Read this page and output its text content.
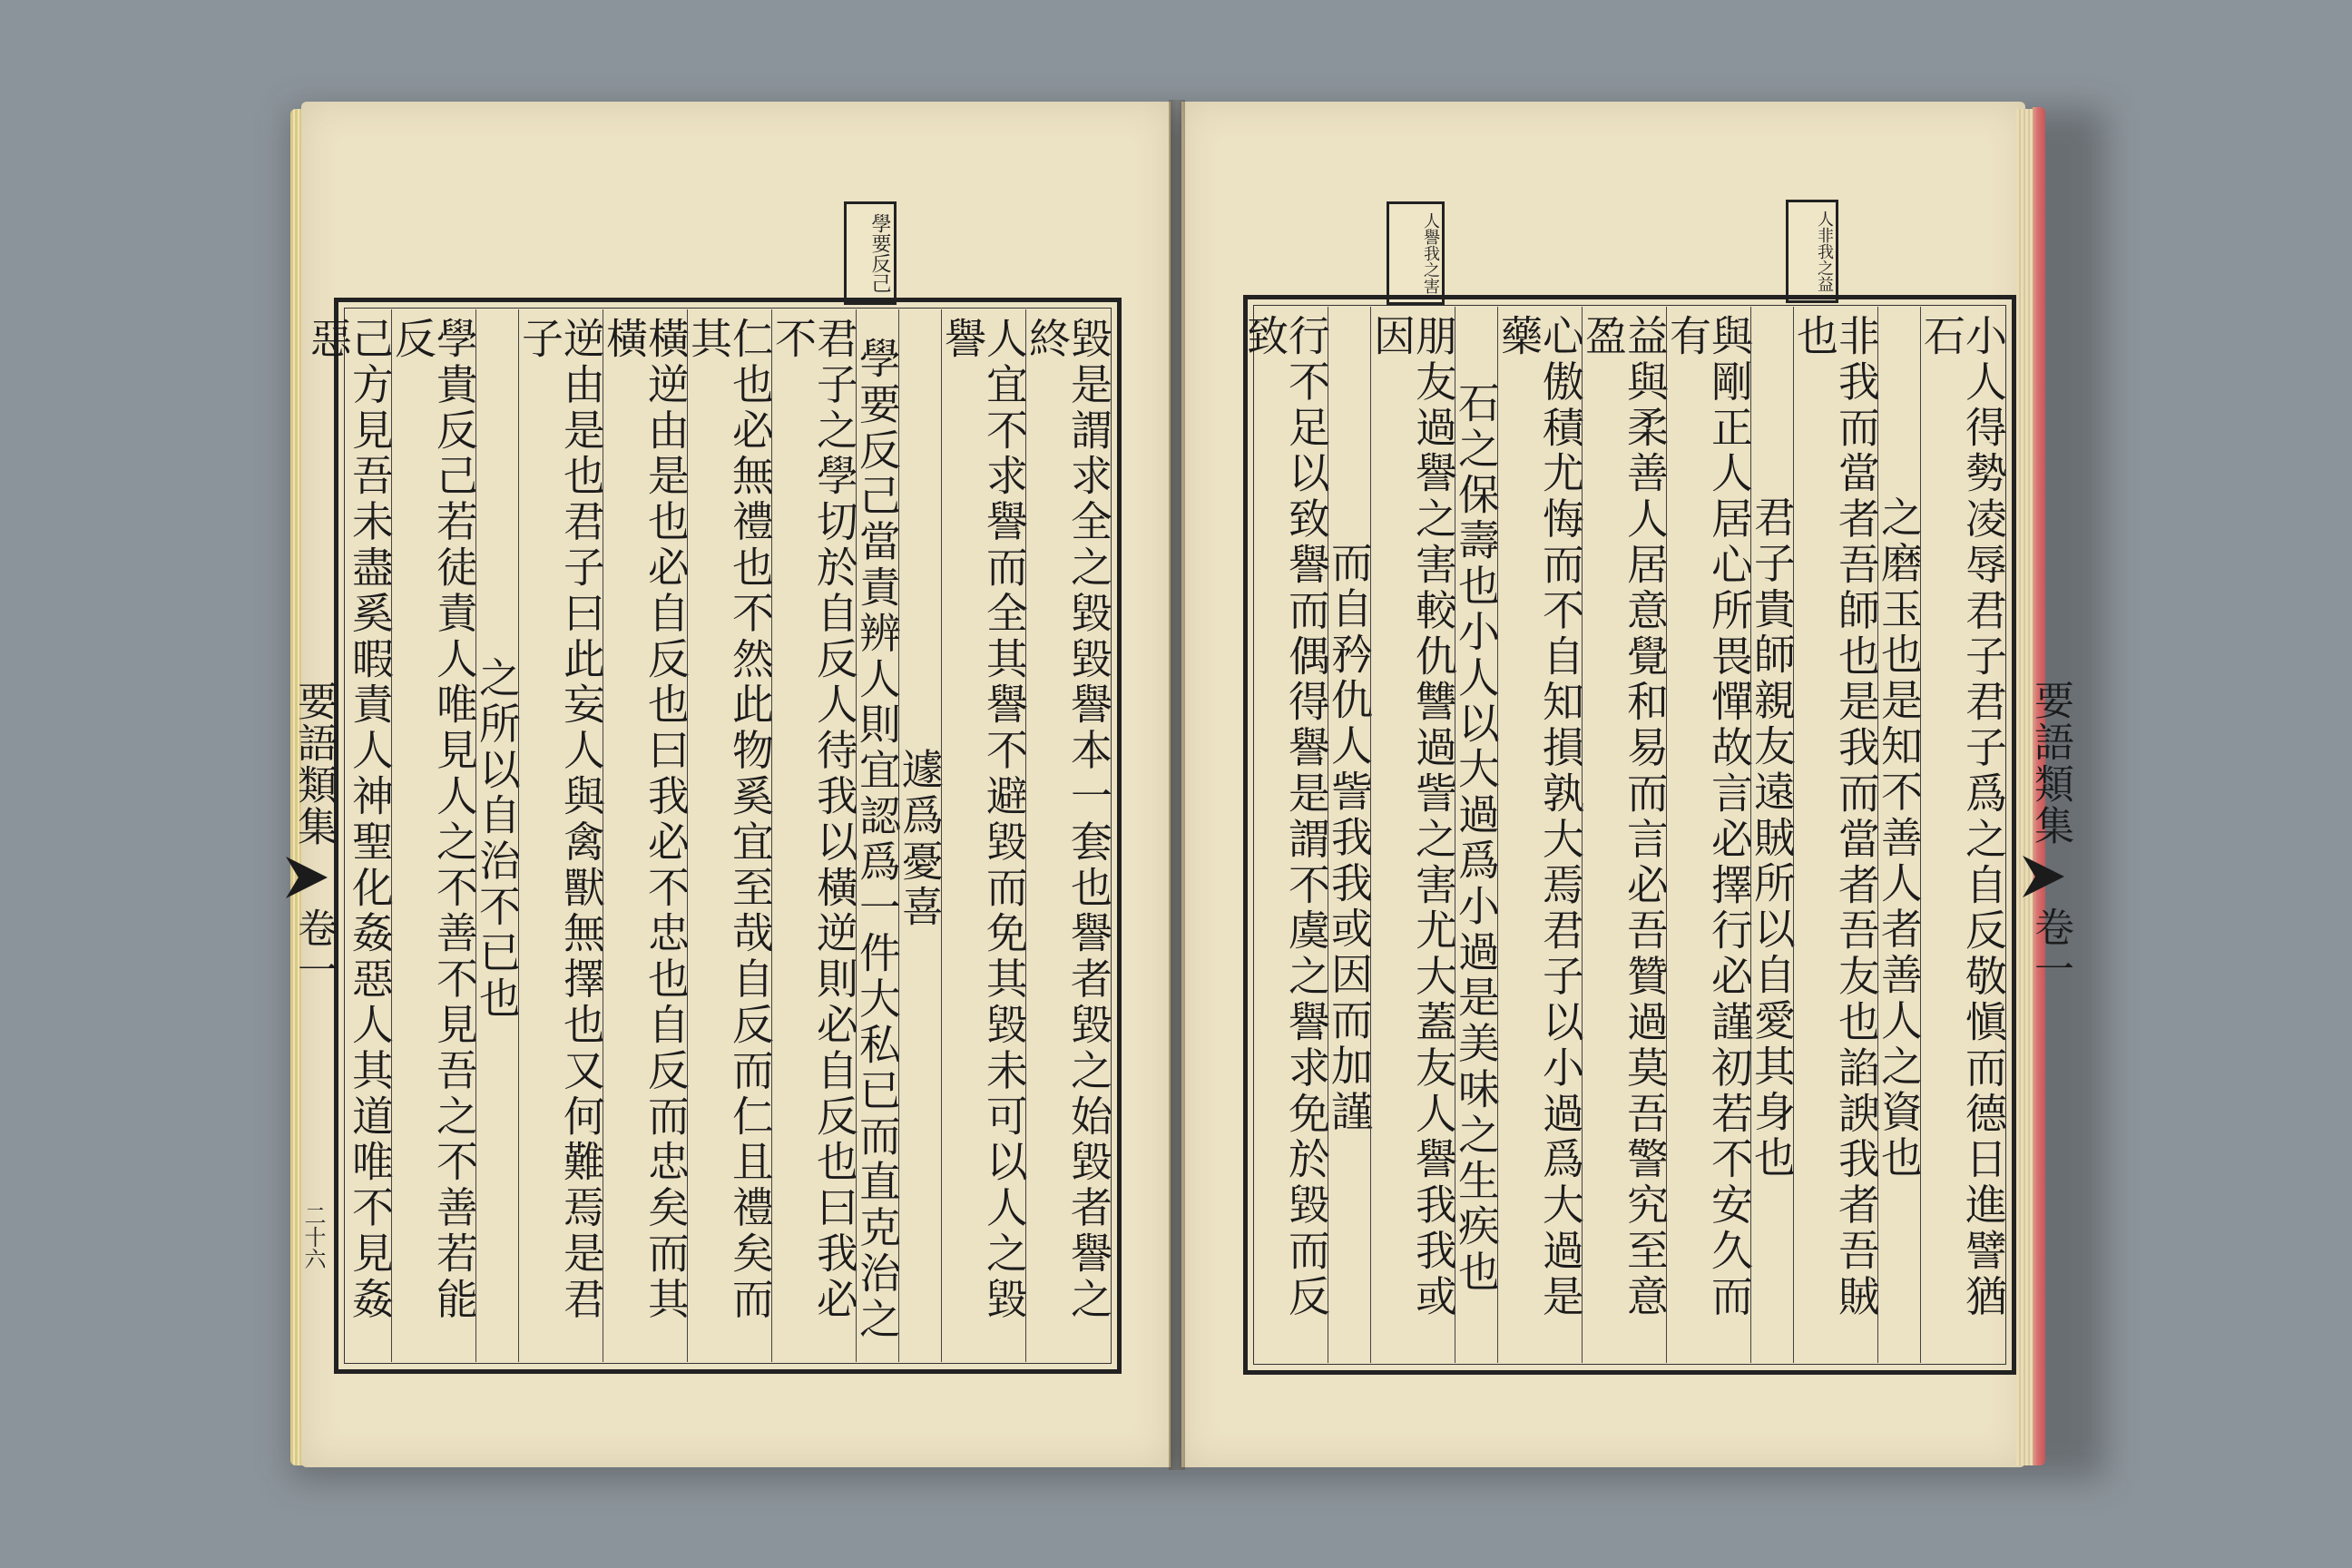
學要反己	人譽我之害	人非我之益
要語類集
卷一
二十六	毀是謂求全之毀毀譽本一套也譽者毀之始毀者譽之終
人宜不求譽而全其譽不避毀而免其毀未可以人之毀譽
遽爲憂喜
學要反己當責辨人則宜認爲一件大私已而直克治之
君子之學切於自反人待我以橫逆則必自反也曰我必不
仁也必無禮也不然此物奚宜至哉自反而仁且禮矣而其
橫逆由是也必自反也曰我必不忠也自反而忠矣而其橫
逆由是也君子曰此妄人與禽獸無擇也又何難焉是君子
之所以自治不已也
學貴反己若徒責人唯見人之不善不見吾之不善若能反
己方見吾未盡奚暇責人神聖化姦惡人其道唯不見姦惡
要語類集
卷一
小人得勢凌辱君子君子爲之自反敬愼而德日進譬猶石
之磨玉也是知不善人者善人之資也
非我而當者吾師也是我而當者吾友也諂諛我者吾賊也
君子貴師親友遠賊所以自愛其身也
與剛正人居心所畏憚故言必擇行必謹初若不安久而有
益與柔善人居意覺和易而言必吾贊過莫吾警究至意盈
心傲積尤悔而不自知損孰大焉君子以小過爲大過是藥
石之保壽也小人以大過爲小過是美味之生疾也
朋友過譽之害較仇讐過訾之害尤大蓋友人譽我我或因
而自矜仇人訾我我或因而加謹
行不足以致譽而偶得譽是謂不虞之譽求免於毀而反致
